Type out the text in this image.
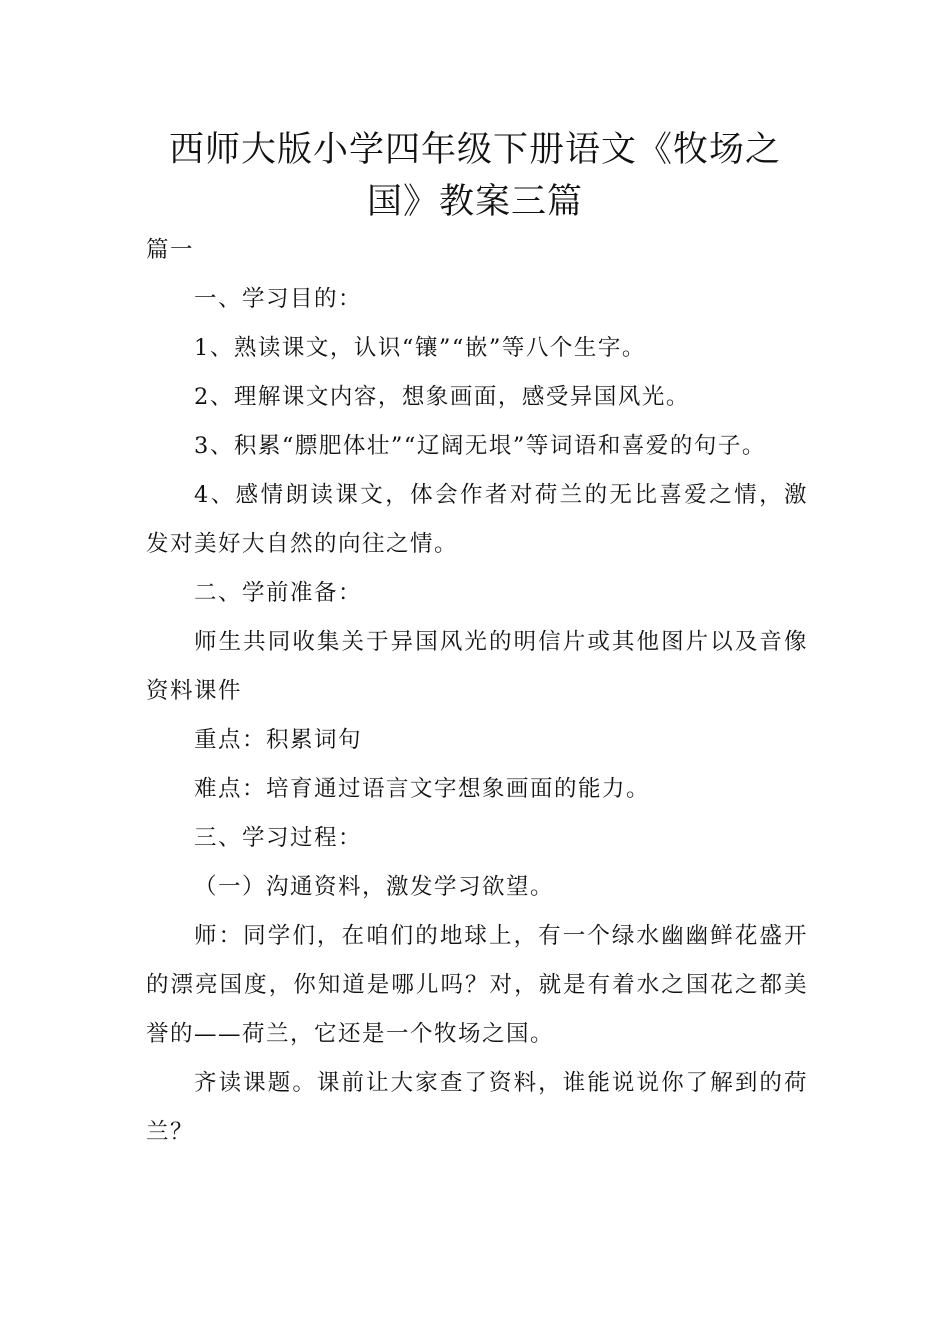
西师大版小学四年级下册语文《牧场之
国》教案三篇

篇一

一、学习目的：

1、熟读课文，认识“镶”“嵌”等八个生字。

2、理解课文内容，想象画面，感受异国风光。

3、积累“膘肥体壮”“辽阔无垠”等词语和喜爱的句子。

4、感情朗读课文，体会作者对荷兰的无比喜爱之情，激发对美好大自然的向往之情。

二、学前准备：

师生共同收集关于异国风光的明信片或其他图片以及音像资料课件

重点：积累词句

难点：培育通过语言文字想象画面的能力。

三、学习过程：

（一）沟通资料，激发学习欲望。

师：同学们，在咱们的地球上，有一个绿水幽幽鲜花盛开的漂亮国度，你知道是哪儿吗？对，就是有着水之国花之都美誉的——荷兰，它还是一个牧场之国。

齐读课题。课前让大家查了资料，谁能说说你了解到的荷兰？
